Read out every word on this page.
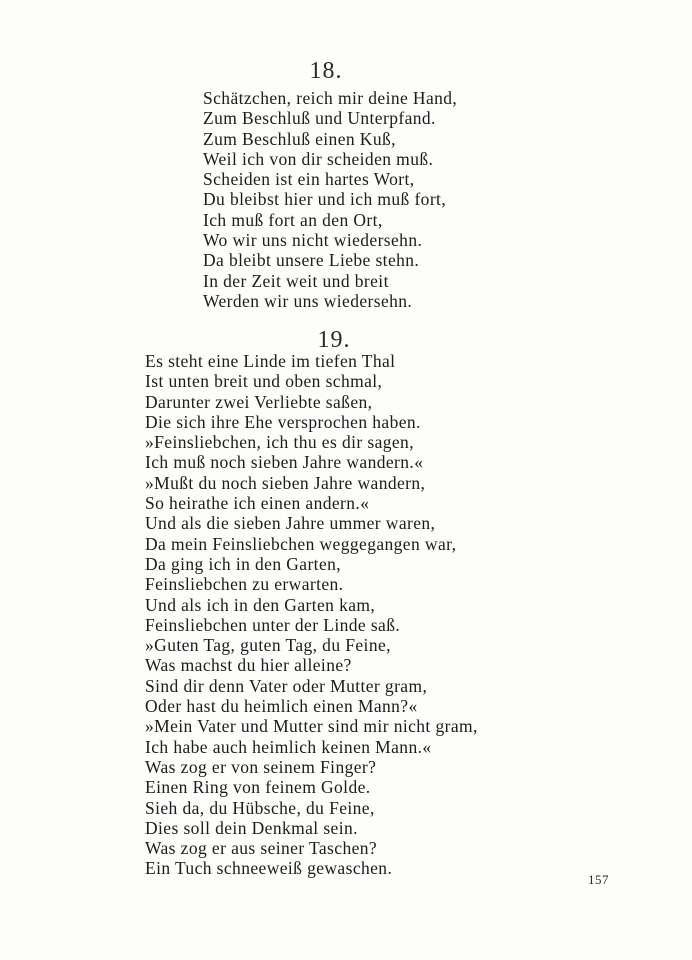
18.
Schätzchen, reich mir deine Hand,
Zum Beschluß und Unterpfand.
Zum Beschluß einen Kuß,
Weil ich von dir scheiden muß.
Scheiden ist ein hartes Wort,
Du bleibst hier und ich muß fort,
Ich muß fort an den Ort,
Wo wir uns nicht wiedersehn.
Da bleibt unsere Liebe stehn.
In der Zeit weit und breit
Werden wir uns wiedersehn.
19.
Es steht eine Linde im tiefen Thal
Ist unten breit und oben schmal,
Darunter zwei Verliebte saßen,
Die sich ihre Ehe versprochen haben.
»Feinsliebchen, ich thu es dir sagen,
Ich muß noch sieben Jahre wandern.«
»Mußt du noch sieben Jahre wandern,
So heirathe ich einen andern.«
Und als die sieben Jahre ummer waren,
Da mein Feinsliebchen weggegangen war,
Da ging ich in den Garten,
Feinsliebchen zu erwarten.
Und als ich in den Garten kam,
Feinsliebchen unter der Linde saß.
»Guten Tag, guten Tag, du Feine,
Was machst du hier alleine?
Sind dir denn Vater oder Mutter gram,
Oder hast du heimlich einen Mann?«
»Mein Vater und Mutter sind mir nicht gram,
Ich habe auch heimlich keinen Mann.«
Was zog er von seinem Finger?
Einen Ring von feinem Golde.
Sieh da, du Hübsche, du Feine,
Dies soll dein Denkmal sein.
Was zog er aus seiner Taschen?
Ein Tuch schneeweiß gewaschen.
157
